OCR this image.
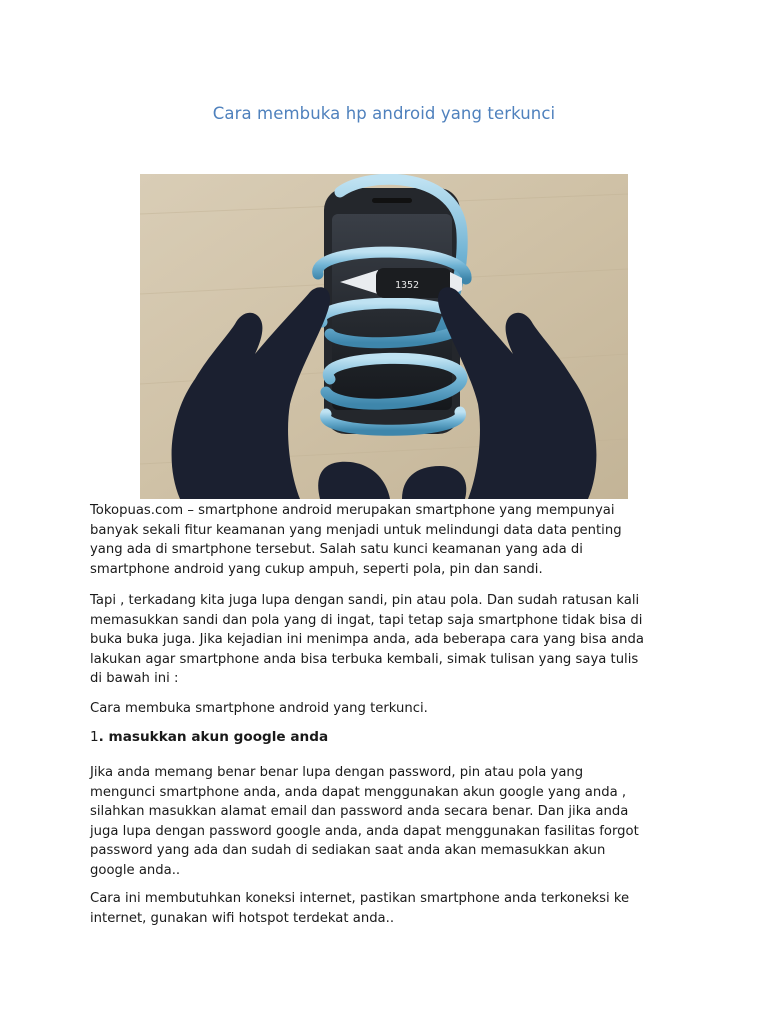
Cara membuka hp android yang terkunci
1352

Tokopuas.com – smartphone android merupakan smartphone yang mempunyai
banyak sekali fitur keamanan yang menjadi untuk melindungi data data penting
yang ada di smartphone tersebut. Salah satu kunci keamanan yang ada di
smartphone android yang cukup ampuh, seperti pola, pin dan sandi.

Tapi , terkadang kita juga lupa dengan sandi, pin atau pola. Dan sudah ratusan kali
memasukkan sandi dan pola yang di ingat, tapi tetap saja smartphone tidak bisa di
buka buka juga. Jika kejadian ini menimpa anda, ada beberapa cara yang bisa anda
lakukan agar smartphone anda bisa terbuka kembali, simak tulisan yang saya tulis
di bawah ini :

Cara membuka smartphone android yang terkunci.

1. masukkan akun google anda

Jika anda memang benar benar lupa dengan password, pin atau pola yang
mengunci smartphone anda, anda dapat menggunakan akun google yang anda ,
silahkan masukkan alamat email dan password anda secara benar. Dan jika anda
juga lupa dengan password google anda, anda dapat menggunakan fasilitas forgot
password yang ada dan sudah di sediakan saat anda akan memasukkan akun
google anda..

Cara ini membutuhkan koneksi internet, pastikan smartphone anda terkoneksi ke
internet, gunakan wifi hotspot terdekat anda..
